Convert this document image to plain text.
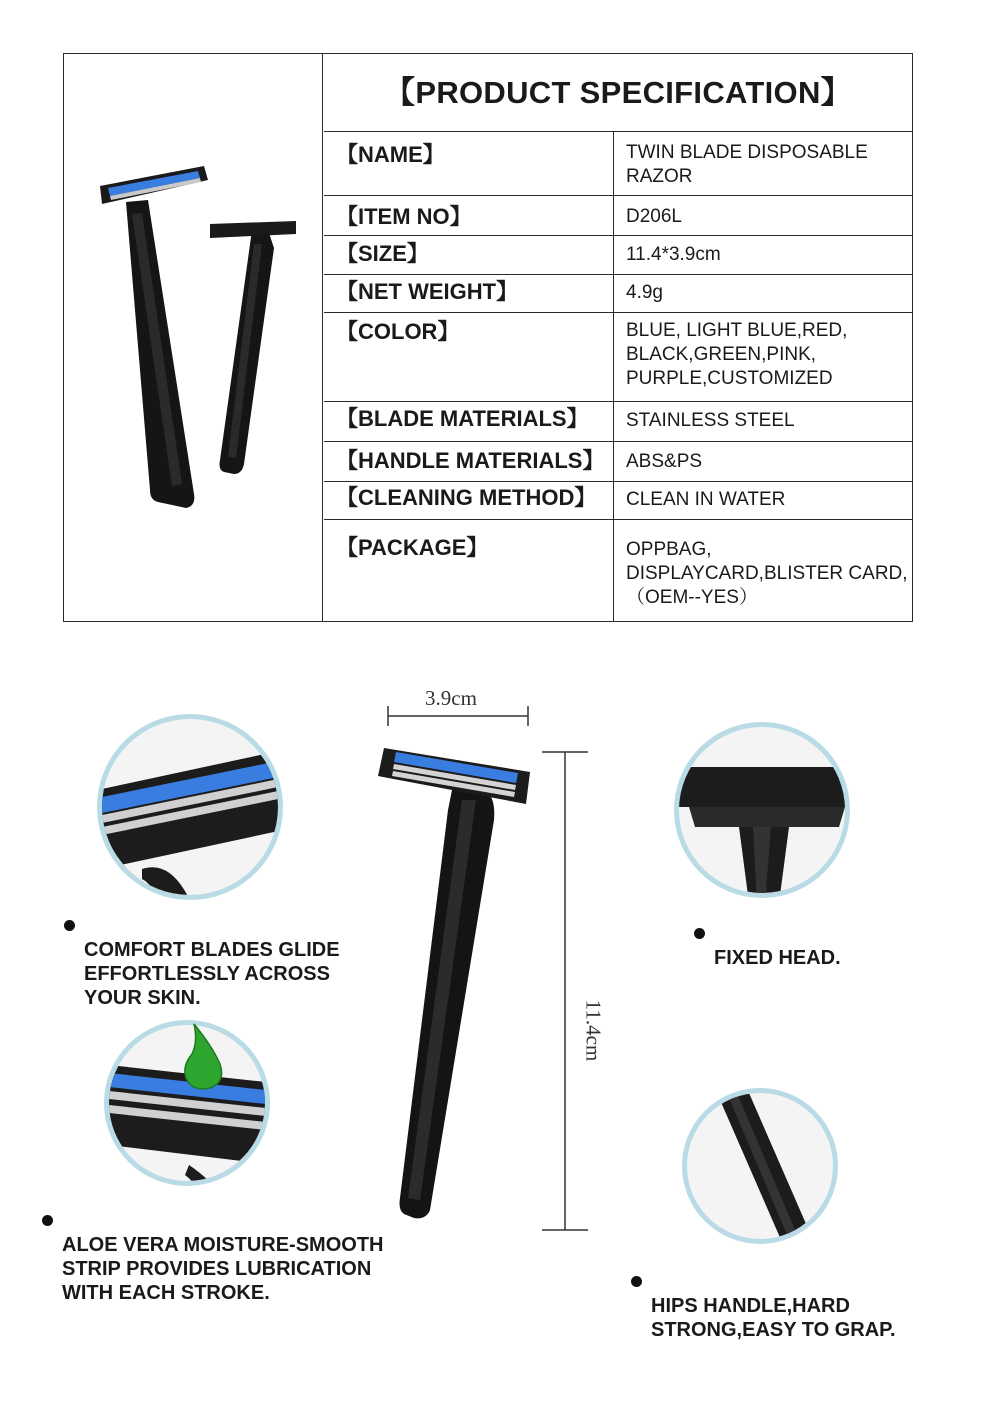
【PRODUCT SPECIFICATION】
【NAME】	TWIN BLADE DISPOSABLE
RAZOR
【ITEM NO】	D206L
【SIZE】	11.4*3.9cm
【NET WEIGHT】	4.9g
【COLOR】	BLUE, LIGHT BLUE,RED,
BLACK,GREEN,PINK,
PURPLE,CUSTOMIZED
【BLADE MATERIALS】	STAINLESS STEEL
【HANDLE MATERIALS】	ABS&PS
【CLEANING METHOD】	CLEAN IN WATER
【PACKAGE】	OPPBAG,
DISPLAYCARD,BLISTER CARD,
（OEM--YES）
3.9cm
11.4cm

COMFORT BLADES GLIDE
EFFORTLESSLY ACROSS
YOUR SKIN.

ALOE VERA MOISTURE-SMOOTH
STRIP PROVIDES LUBRICATION
WITH EACH STROKE.

FIXED HEAD.

HIPS HANDLE,HARD
STRONG,EASY TO GRAP.
